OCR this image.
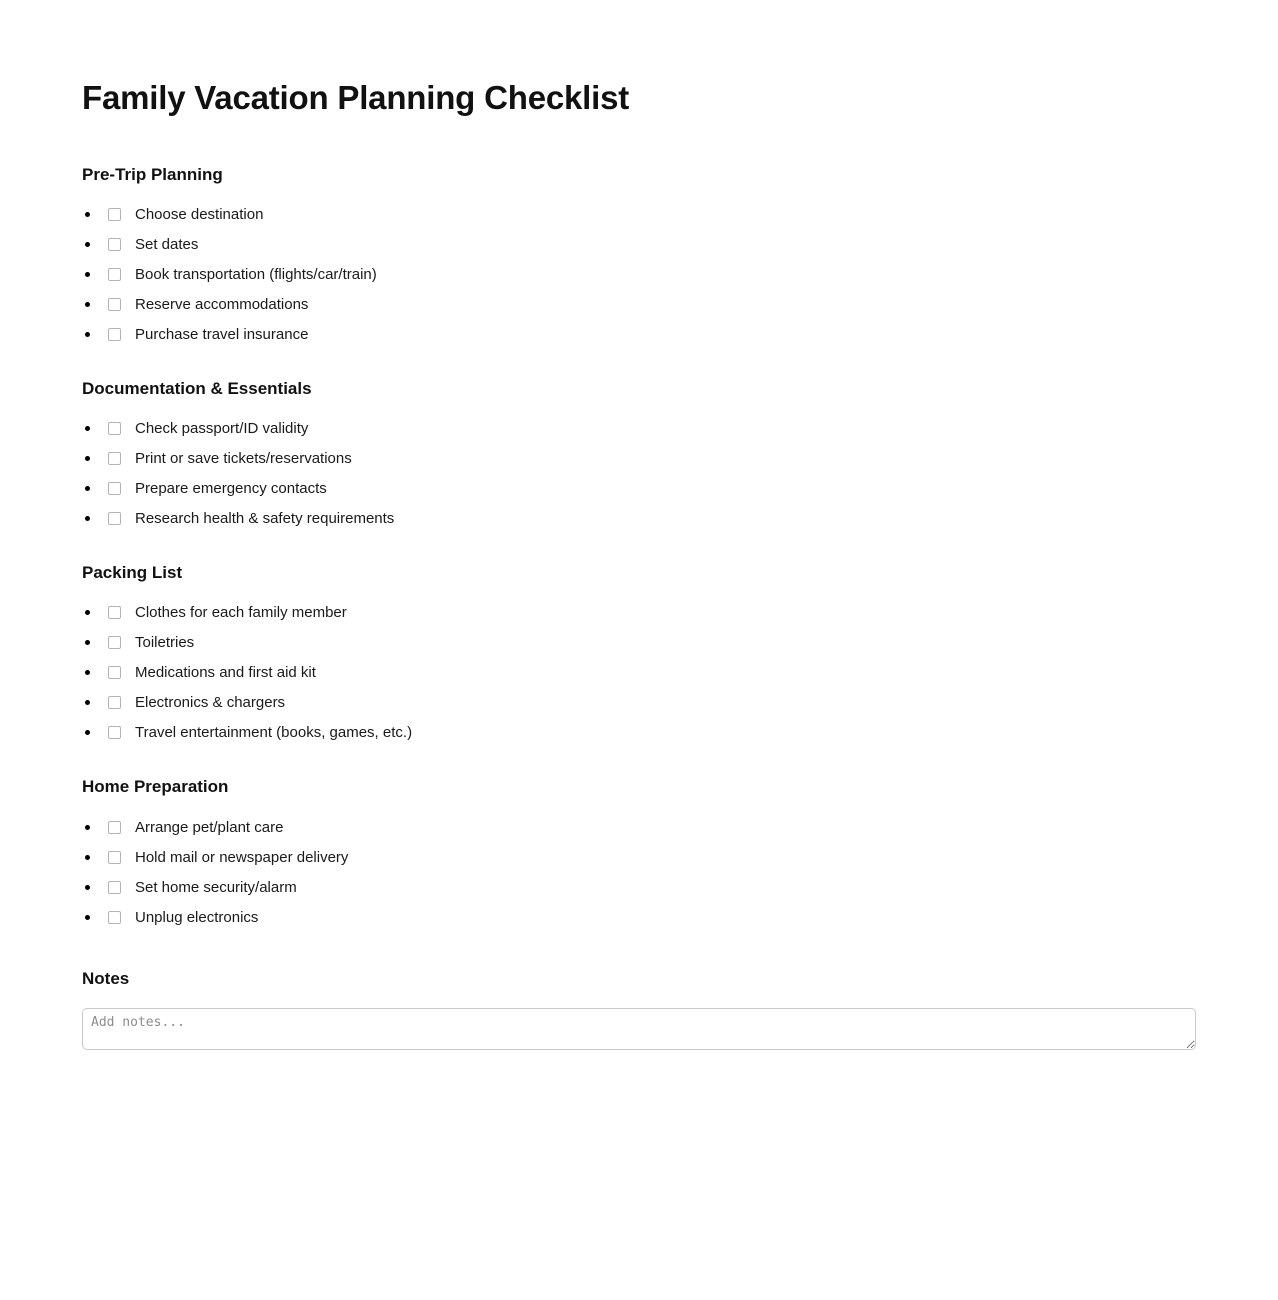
Family Vacation Planning Checklist
Pre-Trip Planning
Choose destination
Set dates
Book transportation (flights/car/train)
Reserve accommodations
Purchase travel insurance
Documentation & Essentials
Check passport/ID validity
Print or save tickets/reservations
Prepare emergency contacts
Research health & safety requirements
Packing List
Clothes for each family member
Toiletries
Medications and first aid kit
Electronics & chargers
Travel entertainment (books, games, etc.)
Home Preparation
Arrange pet/plant care
Hold mail or newspaper delivery
Set home security/alarm
Unplug electronics
Notes
Add notes...
